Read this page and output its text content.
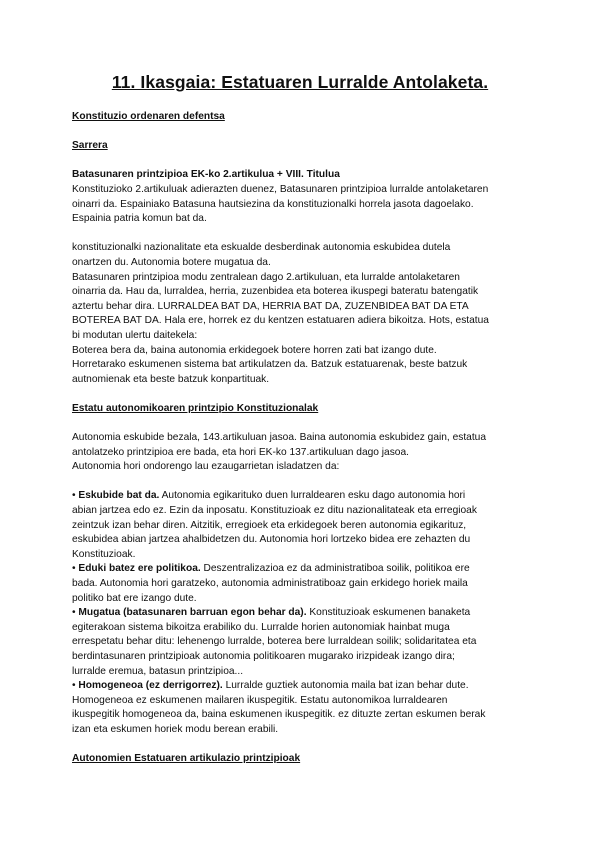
11. Ikasgaia: Estatuaren Lurralde Antolaketa.

Konstituzio ordenaren defentsa

Sarrera

Batasunaren printzipioa EK-ko 2.artikulua + VIII. Titulua

Konstituzioko 2.artikuluak adierazten duenez, Batasunaren printzipioa lurralde antolaketaren

oinarri da. Espainiako Batasuna hautsiezina da konstituzionalki horrela jasota dagoelako.

Espainia patria komun bat da.

konstituzionalki nazionalitate eta eskualde desberdinak autonomia eskubidea dutela

onartzen du. Autonomia botere mugatua da.

Batasunaren printzipioa modu zentralean dago 2.artikuluan, eta lurralde antolaketaren

oinarria da. Hau da, lurraldea, herria, zuzenbidea eta boterea ikuspegi bateratu batengatik

aztertu behar dira. LURRALDEA BAT DA, HERRIA BAT DA, ZUZENBIDEA BAT DA ETA

BOTEREA BAT DA. Hala ere, horrek ez du kentzen estatuaren adiera bikoitza. Hots, estatua

bi modutan ulertu daitekela:

Boterea bera da, baina autonomia erkidegoek botere horren zati bat izango dute.

Horretarako eskumenen sistema bat artikulatzen da. Batzuk estatuarenak, beste batzuk

autnomienak eta beste batzuk konpartituak.

Estatu autonomikoaren printzipio Konstituzionalak

Autonomia eskubide bezala, 143.artikuluan jasoa. Baina autonomia eskubidez gain, estatua

antolatzeko printzipioa ere bada, eta hori EK-ko 137.artikuluan dago jasoa.

Autonomia hori ondorengo lau ezaugarrietan isladatzen da:

• Eskubide bat da. Autonomia egikarituko duen lurraldearen esku dago autonomia hori

abian jartzea edo ez. Ezin da inposatu. Konstituzioak ez ditu nazionalitateak eta erregioak

zeintzuk izan behar diren. Aitzitik, erregioek eta erkidegoek beren autonomia egikarituz,

eskubidea abian jartzea ahalbidetzen du. Autonomia hori lortzeko bidea ere zehazten du

Konstituzioak.

• Eduki batez ere politikoa. Deszentralizazioa ez da administratiboa soilik, politikoa ere

bada. Autonomia hori garatzeko, autonomia administratiboaz gain erkidego horiek maila

politiko bat ere izango dute.

• Mugatua (batasunaren barruan egon behar da). Konstituzioak eskumenen banaketa

egiterakoan sistema bikoitza erabiliko du. Lurralde horien autonomiak hainbat muga

errespetatu behar ditu: lehenengo lurralde, boterea bere lurraldean soilik; solidaritatea eta

berdintasunaren printzipioak autonomia politikoaren mugarako irizpideak izango dira;

lurralde eremua, batasun printzipioa...

• Homogeneoa (ez derrigorrez). Lurralde guztiek autonomia maila bat izan behar dute.

Homogeneoa ez eskumenen mailaren ikuspegitik. Estatu autonomikoa lurraldearen

ikuspegitik homogeneoa da, baina eskumenen ikuspegitik. ez dituzte zertan eskumen berak

izan eta eskumen horiek modu berean erabili.

Autonomien Estatuaren artikulazio printzipioak
